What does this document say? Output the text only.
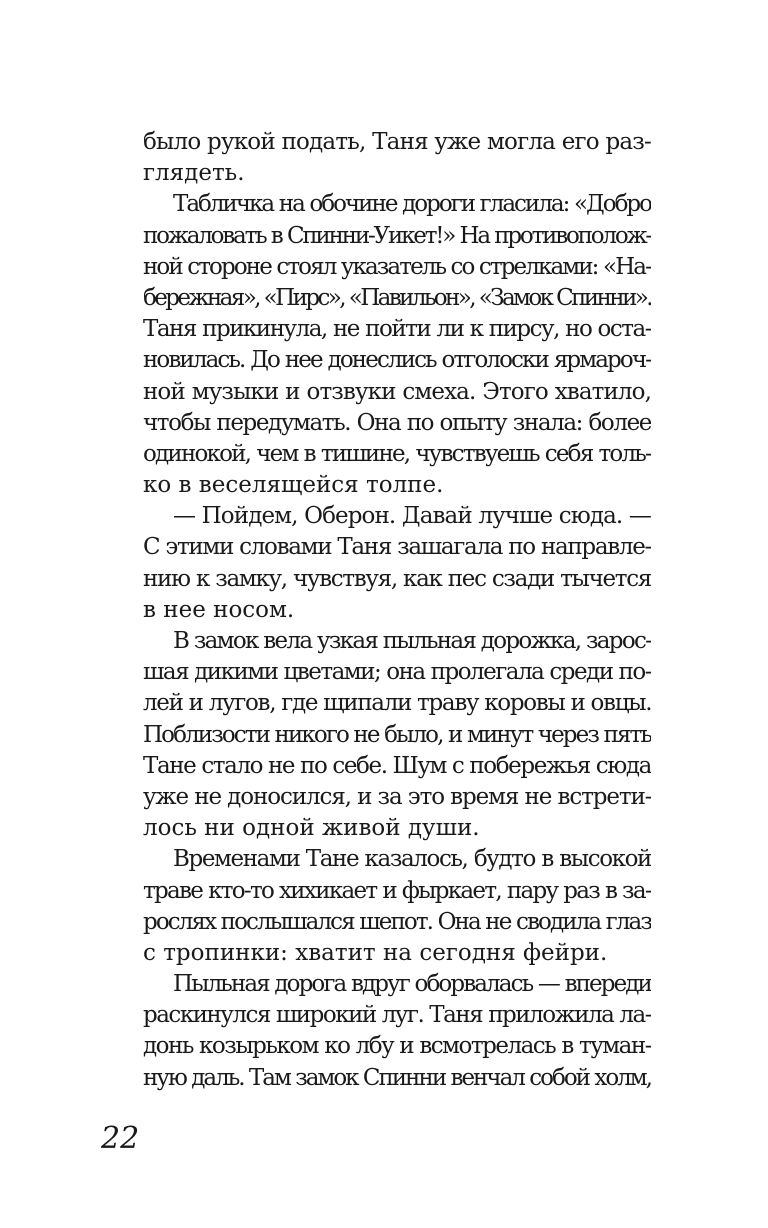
было рукой подать, Таня уже могла его раз-
глядеть.
Табличка на обочине дороги гласила: «Добро
пожаловать в Спинни-Уикет!» На противополож-
ной стороне стоял указатель со стрелками: «На-
бережная», «Пирс», «Павильон», «Замок Спинни».
Таня прикинула, не пойти ли к пирсу, но оста-
новилась. До нее донеслись отголоски ярмароч-
ной музыки и отзвуки смеха. Этого хватило,
чтобы передумать. Она по опыту знала: более
одинокой, чем в тишине, чувствуешь себя толь-
ко в веселящейся толпе.
— Пойдем, Оберон. Давай лучше сюда. —
С этими словами Таня зашагала по направле-
нию к замку, чувствуя, как пес сзади тычется
в нее носом.
В замок вела узкая пыльная дорожка, зарос-
шая дикими цветами; она пролегала среди по-
лей и лугов, где щипали траву коровы и овцы.
Поблизости никого не было, и минут через пять
Тане стало не по себе. Шум с побережья сюда
уже не доносился, и за это время не встрети-
лось ни одной живой души.
Временами Тане казалось, будто в высокой
траве кто-то хихикает и фыркает, пару раз в за-
рослях послышался шепот. Она не сводила глаз
с тропинки: хватит на сегодня фейри.
Пыльная дорога вдруг оборвалась — впереди
раскинулся широкий луг. Таня приложила ла-
донь козырьком ко лбу и всмотрелась в туман-
ную даль. Там замок Спинни венчал собой холм,
22
